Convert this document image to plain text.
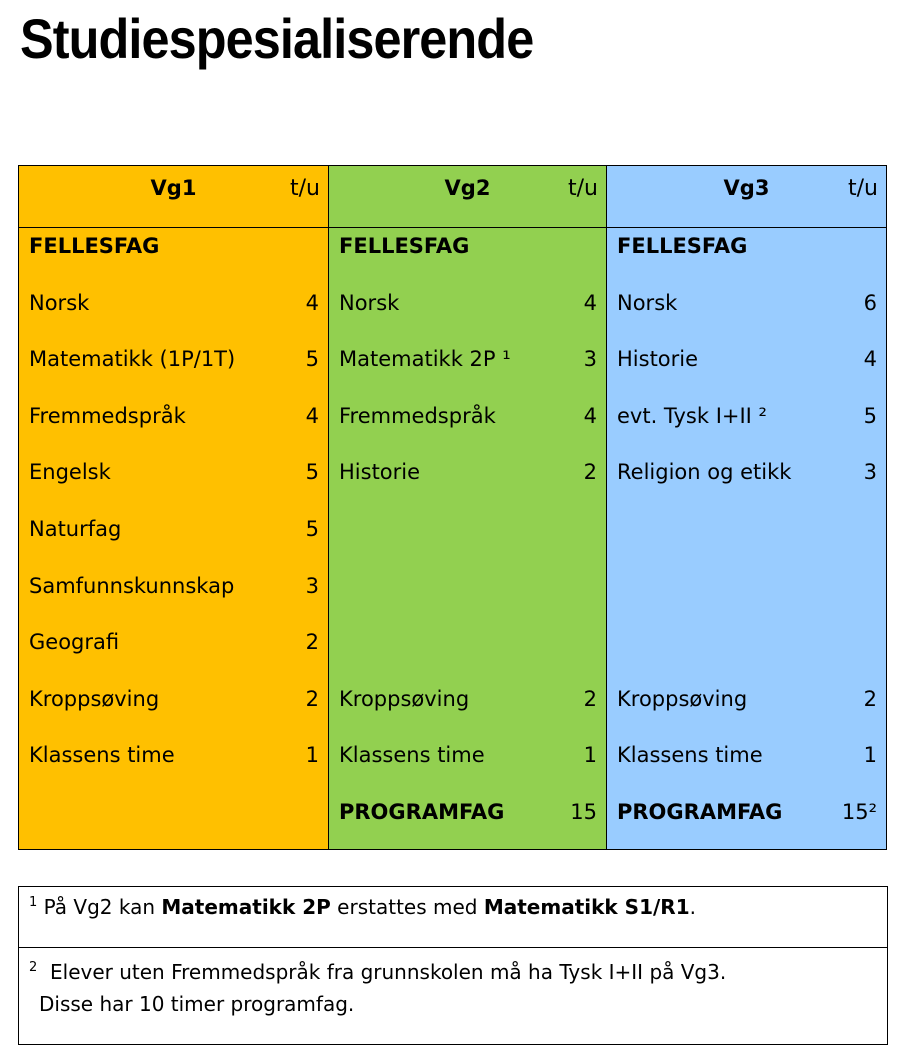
Studiespesialiserende
Vg1	t/u
FELLESFAG
Norsk	4
Matematikk (1P/1T)	5
Fremmedspråk	4
Engelsk	5
Naturfag	5
Samfunnskunnskap	3
Geografi	2
Kroppsøving	2
Klassens time	1
Vg2	t/u
FELLESFAG
Norsk	4
Matematikk 2P ¹	3
Fremmedspråk	4
Historie	2
Kroppsøving	2
Klassens time	1
PROGRAMFAG	15
Vg3	t/u
FELLESFAG
Norsk	6
Historie	4
evt. Tysk I+II ²	5
Religion og etikk	3
Kroppsøving	2
Klassens time	1
PROGRAMFAG	15²
$^1$ På Vg2 kan Matematikk 2P erstattes med Matematikk S1/R1.
$^2$  Elever uten Fremmedspråk fra grunnskolen må ha Tysk I+II på Vg3.
Disse har 10 timer programfag.
